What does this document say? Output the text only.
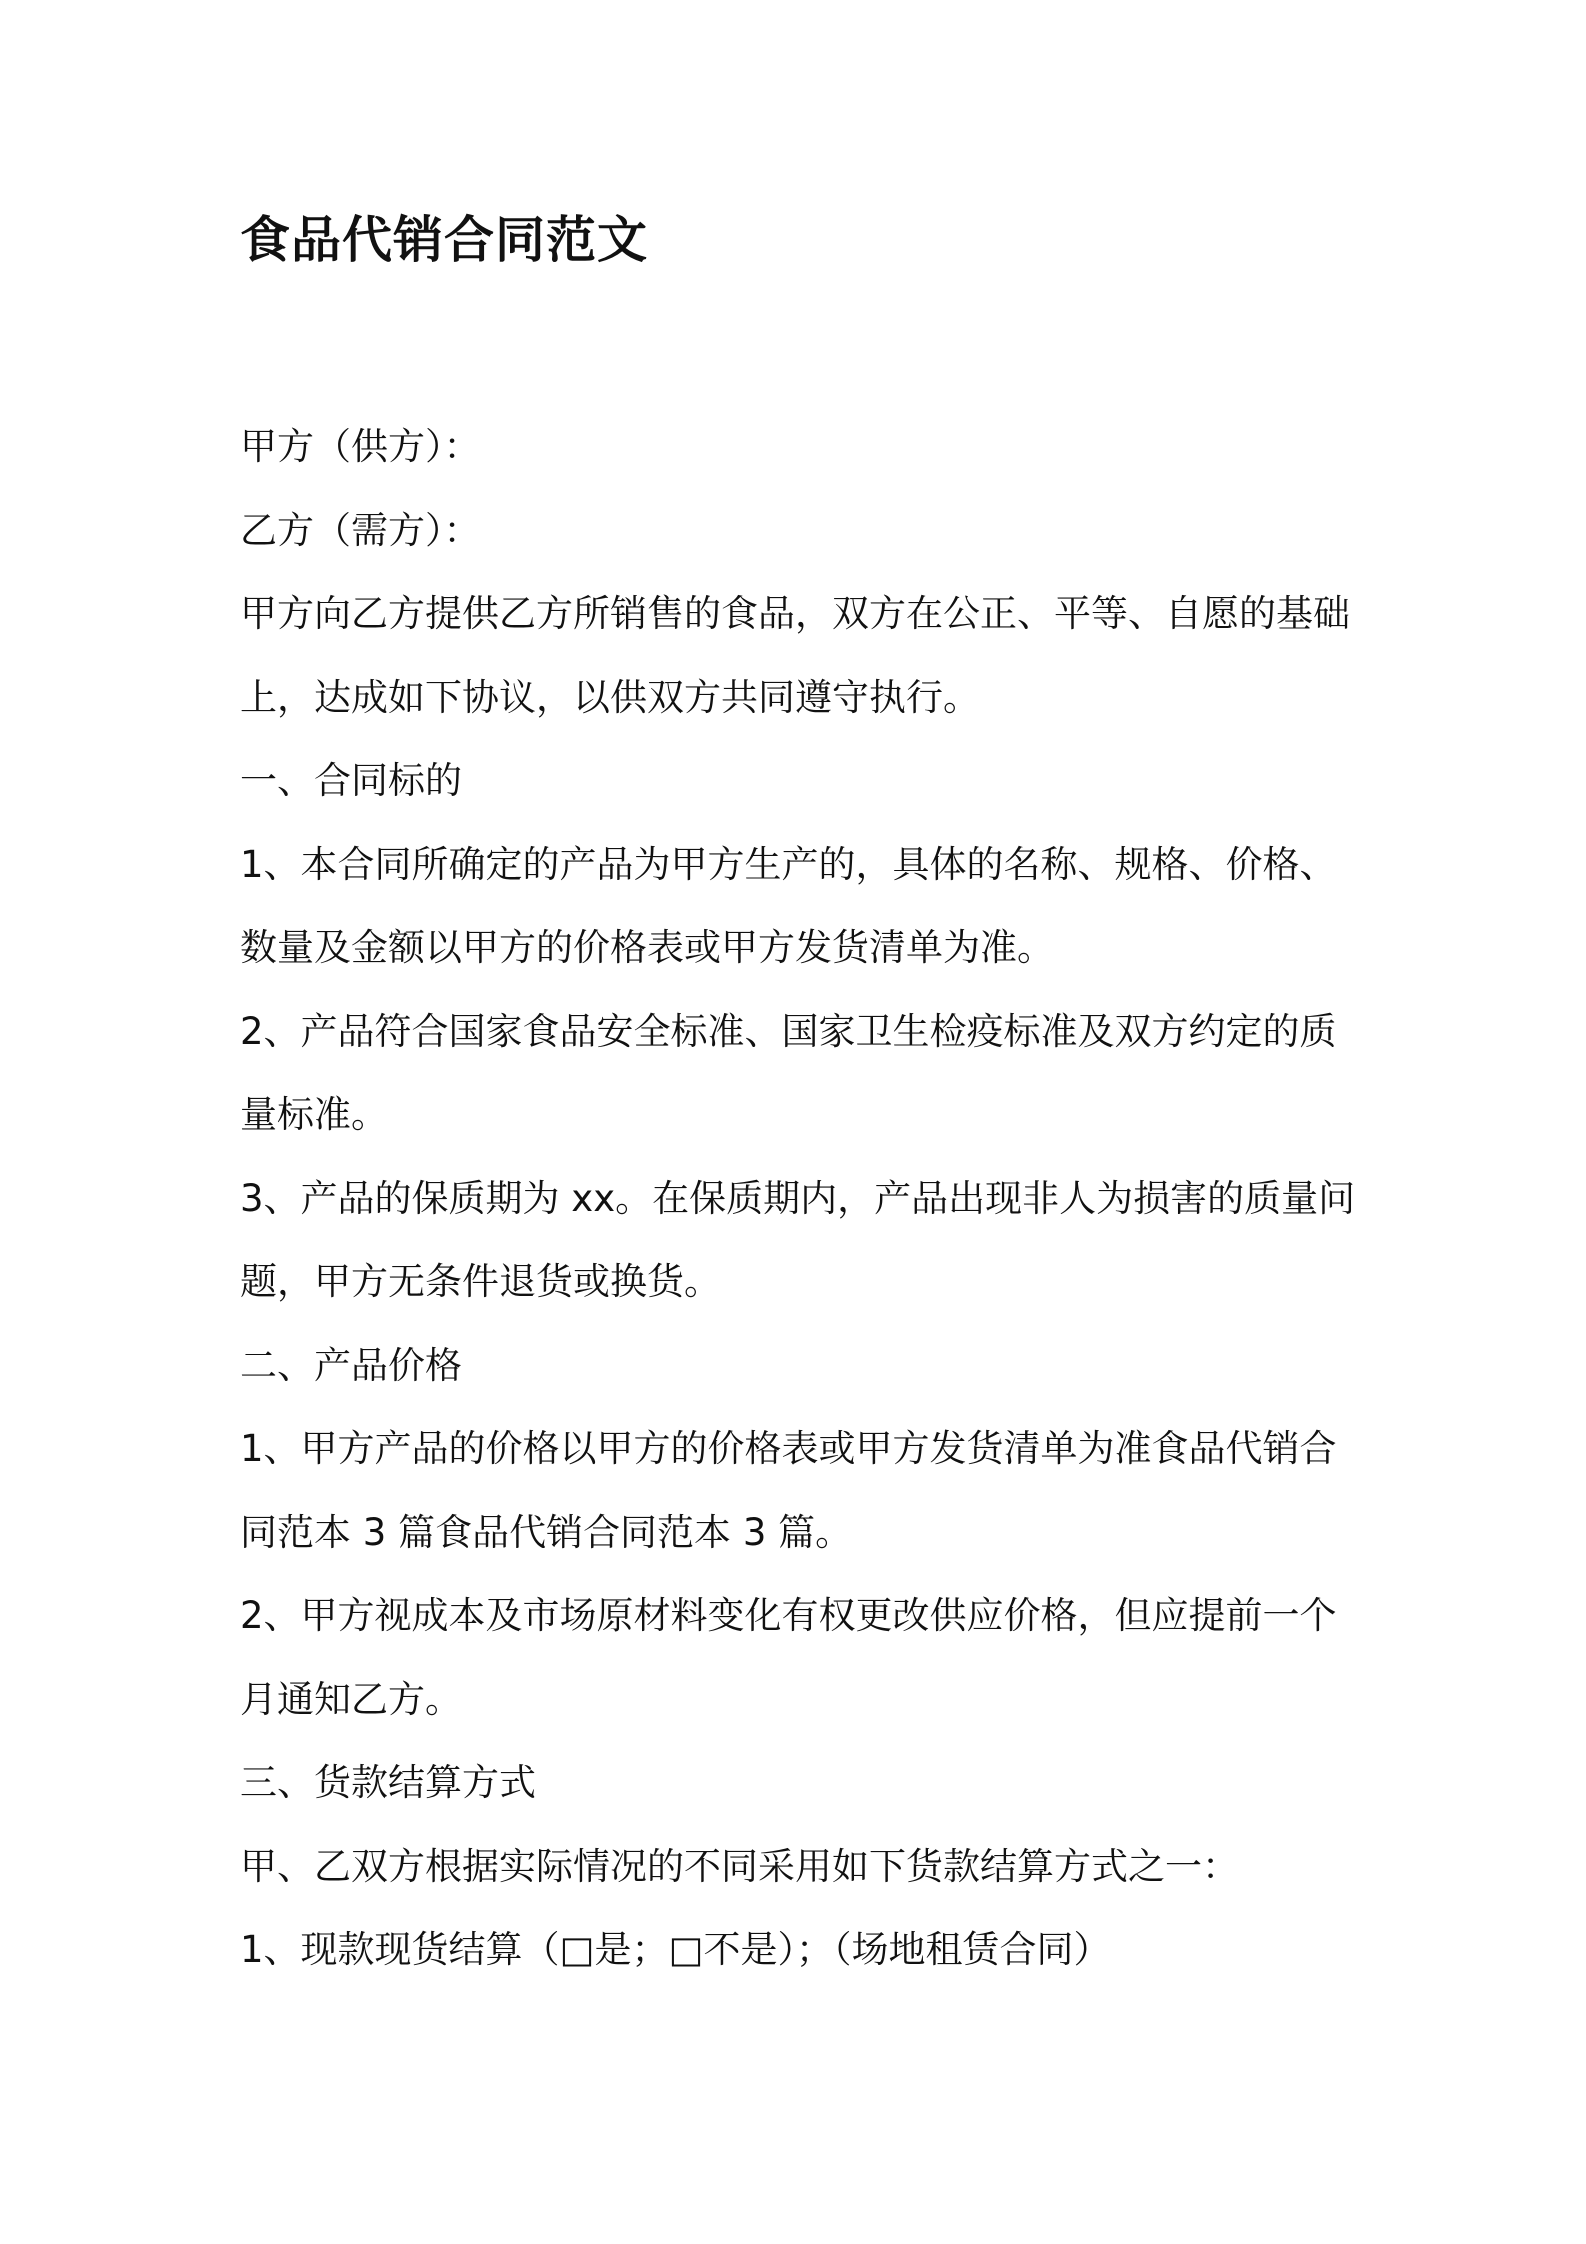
食品代销合同范文

甲方（供方）：

乙方（需方）：

甲方向乙方提供乙方所销售的食品，双方在公正、平等、自愿的基础

上，达成如下协议，以供双方共同遵守执行。

一、合同标的

1、本合同所确定的产品为甲方生产的，具体的名称、规格、价格、

数量及金额以甲方的价格表或甲方发货清单为准。

2、产品符合国家食品安全标准、国家卫生检疫标准及双方约定的质

量标准。

3、产品的保质期为 xx。在保质期内，产品出现非人为损害的质量问

题，甲方无条件退货或换货。

二、产品价格

1、甲方产品的价格以甲方的价格表或甲方发货清单为准食品代销合

同范本 3 篇食品代销合同范本 3 篇。

2、甲方视成本及市场原材料变化有权更改供应价格，但应提前一个

月通知乙方。

三、货款结算方式

甲、乙双方根据实际情况的不同采用如下货款结算方式之一：

1、现款现货结算（□是；□不是）；（场地租赁合同）
